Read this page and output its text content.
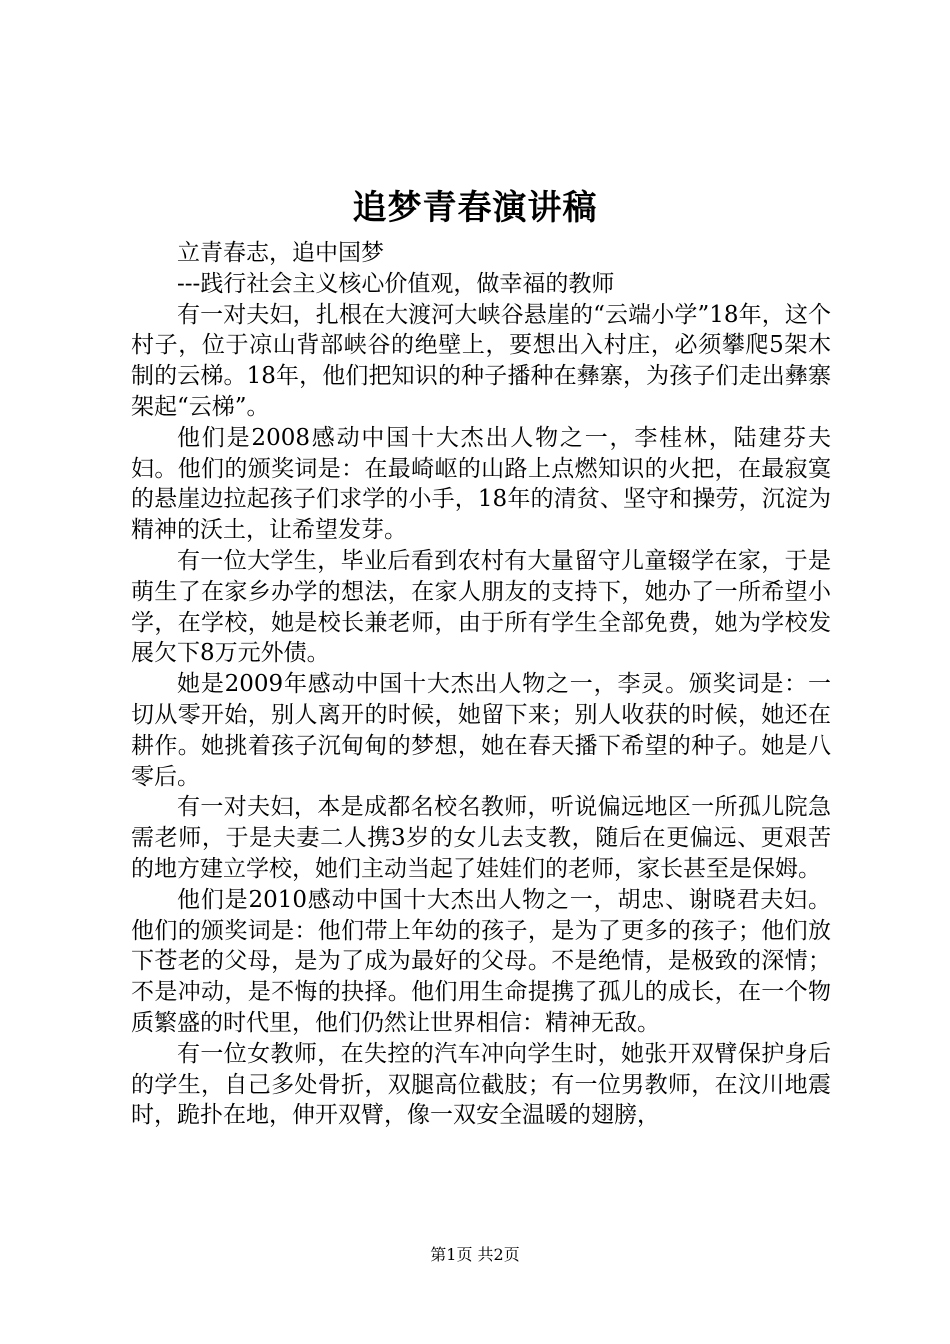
追梦青春演讲稿

立青春志，追中国梦

---践行社会主义核心价值观，做幸福的教师

有一对夫妇，扎根在大渡河大峡谷悬崖的“云端小学”18年，这个村子，位于凉山背部峡谷的绝壁上，要想出入村庄，必须攀爬5架木制的云梯。18年，他们把知识的种子播种在彝寨，为孩子们走出彝寨架起“云梯”。

他们是2008感动中国十大杰出人物之一，李桂林，陆建芬夫妇。他们的颁奖词是：在最崎岖的山路上点燃知识的火把，在最寂寞的悬崖边拉起孩子们求学的小手，18年的清贫、坚守和操劳，沉淀为精神的沃土，让希望发芽。

有一位大学生，毕业后看到农村有大量留守儿童辍学在家，于是萌生了在家乡办学的想法，在家人朋友的支持下，她办了一所希望小学，在学校，她是校长兼老师，由于所有学生全部免费，她为学校发展欠下8万元外债。

她是2009年感动中国十大杰出人物之一，李灵。颁奖词是：一切从零开始，别人离开的时候，她留下来；别人收获的时候，她还在耕作。她挑着孩子沉甸甸的梦想，她在春天播下希望的种子。她是八零后。

有一对夫妇，本是成都名校名教师，听说偏远地区一所孤儿院急需老师，于是夫妻二人携3岁的女儿去支教，随后在更偏远、更艰苦的地方建立学校，她们主动当起了娃娃们的老师，家长甚至是保姆。

他们是2010感动中国十大杰出人物之一，胡忠、谢晓君夫妇。他们的颁奖词是：他们带上年幼的孩子，是为了更多的孩子；他们放下苍老的父母，是为了成为最好的父母。不是绝情，是极致的深情；不是冲动，是不悔的抉择。他们用生命提携了孤儿的成长，在一个物质繁盛的时代里，他们仍然让世界相信：精神无敌。

有一位女教师，在失控的汽车冲向学生时，她张开双臂保护身后的学生，自己多处骨折，双腿高位截肢；有一位男教师，在汶川地震时，跪扑在地，伸开双臂，像一双安全温暖的翅膀，

第1页 共2页
